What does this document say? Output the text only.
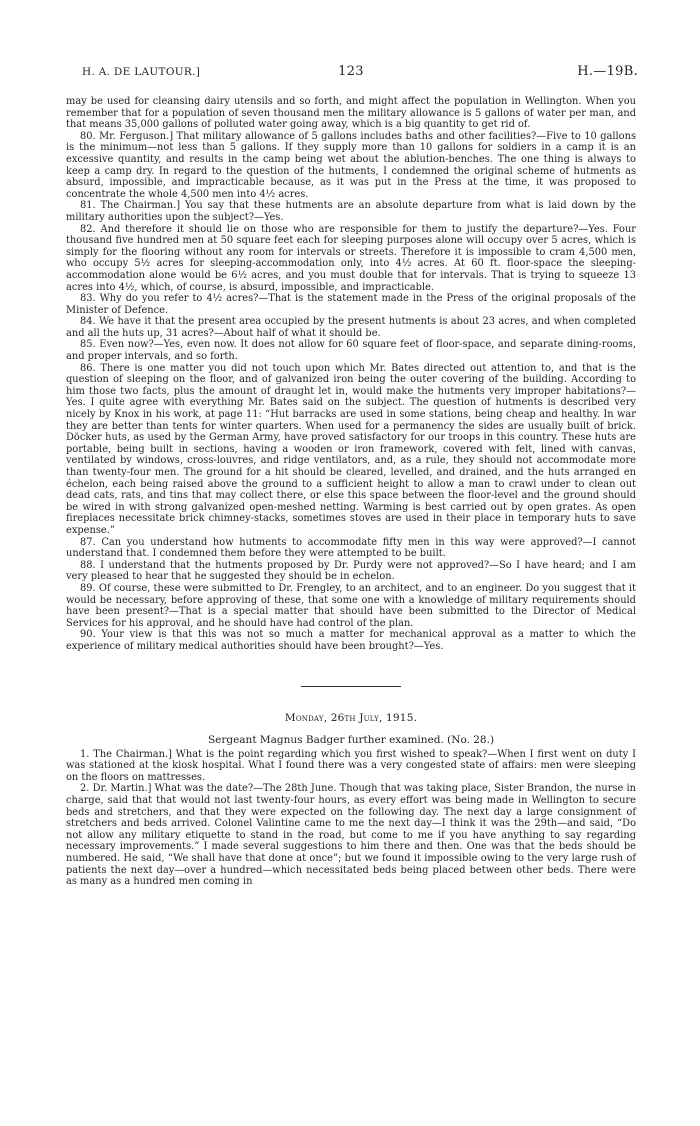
H. A. DE LAUTOUR.]	123	H.—19B.

may be used for cleansing dairy utensils and so forth, and might affect the population in Wellington. When you remember that for a population of seven thousand men the military allowance is 5 gallons of water per man, and that means 35,000 gallons of polluted water going away, which is a big quantity to get rid of.

80. Mr. Ferguson.] That military allowance of 5 gallons includes baths and other facilities?—Five to 10 gallons is the minimum—not less than 5 gallons. If they supply more than 10 gallons for soldiers in a camp it is an excessive quantity, and results in the camp being wet about the ablution-benches. The one thing is always to keep a camp dry. In regard to the question of the hutments, I condemned the original scheme of hutments as absurd, impossible, and impracticable because, as it was put in the Press at the time, it was proposed to concentrate the whole 4,500 men into 4½ acres.

81. The Chairman.] You say that these hutments are an absolute departure from what is laid down by the military authorities upon the subject?—Yes.

82. And therefore it should lie on those who are responsible for them to justify the departure?—Yes. Four thousand five hundred men at 50 square feet each for sleeping purposes alone will occupy over 5 acres, which is simply for the flooring without any room for intervals or streets. Therefore it is impossible to cram 4,500 men, who occupy 5½ acres for sleeping-accommodation only, into 4½ acres. At 60 ft. floor-space the sleeping-accommodation alone would be 6½ acres, and you must double that for intervals. That is trying to squeeze 13 acres into 4½, which, of course, is absurd, impossible, and impracticable.

83. Why do you refer to 4½ acres?—That is the statement made in the Press of the original proposals of the Minister of Defence.

84. We have it that the present area occupied by the present hutments is about 23 acres, and when completed and all the huts up, 31 acres?—About half of what it should be.

85. Even now?—Yes, even now. It does not allow for 60 square feet of floor-space, and separate dining-rooms, and proper intervals, and so forth.

86. There is one matter you did not touch upon which Mr. Bates directed out attention to, and that is the question of sleeping on the floor, and of galvanized iron being the outer covering of the building. According to him those two facts, plus the amount of draught let in, would make the hutments very improper habitations?—Yes. I quite agree with everything Mr. Bates said on the subject. The question of hutments is described very nicely by Knox in his work, at page 11: “Hut barracks are used in some stations, being cheap and healthy. In war they are better than tents for winter quarters. When used for a permanency the sides are usually built of brick. Döcker huts, as used by the German Army, have proved satisfactory for our troops in this country. These huts are portable, being built in sections, having a wooden or iron framework, covered with felt, lined with canvas, ventilated by windows, cross-louvres, and ridge ventilators, and, as a rule, they should not accommodate more than twenty-four men. The ground for a hit should be cleared, levelled, and drained, and the huts arranged en échelon, each being raised above the ground to a sufficient height to allow a man to crawl under to clean out dead cats, rats, and tins that may collect there, or else this space between the floor-level and the ground should be wired in with strong galvanized open-meshed netting. Warming is best carried out by open grates. As open fireplaces necessitate brick chimney-stacks, sometimes stoves are used in their place in temporary huts to save expense.”

87. Can you understand how hutments to accommodate fifty men in this way were approved?—I cannot understand that. I condemned them before they were attempted to be built.

88. I understand that the hutments proposed by Dr. Purdy were not approved?—So I have heard; and I am very pleased to hear that he suggested they should be in echelon.

89. Of course, these were submitted to Dr. Frengley, to an architect, and to an engineer. Do you suggest that it would be necessary, before approving of these, that some one with a knowledge of military requirements should have been present?—That is a special matter that should have been submitted to the Director of Medical Services for his approval, and he should have had control of the plan.

90. Your view is that this was not so much a matter for mechanical approval as a matter to which the experience of military medical authorities should have been brought?—Yes.

Monday, 26th July, 1915.
Sergeant Magnus Badger further examined. (No. 28.)

1. The Chairman.] What is the point regarding which you first wished to speak?—When I first went on duty I was stationed at the kiosk hospital. What I found there was a very congested state of affairs: men were sleeping on the floors on mattresses.

2. Dr. Martin.] What was the date?—The 28th June. Though that was taking place, Sister Brandon, the nurse in charge, said that that would not last twenty-four hours, as every effort was being made in Wellington to secure beds and stretchers, and that they were expected on the following day. The next day a large consignment of stretchers and beds arrived. Colonel Valintine came to me the next day—I think it was the 29th—and said, “Do not allow any military etiquette to stand in the road, but come to me if you have anything to say regarding necessary improvements.” I made several suggestions to him there and then. One was that the beds should be numbered. He said, “We shall have that done at once”; but we found it impossible owing to the very large rush of patients the next day—over a hundred—which necessitated beds being placed between other beds. There were as many as a hundred men coming in
